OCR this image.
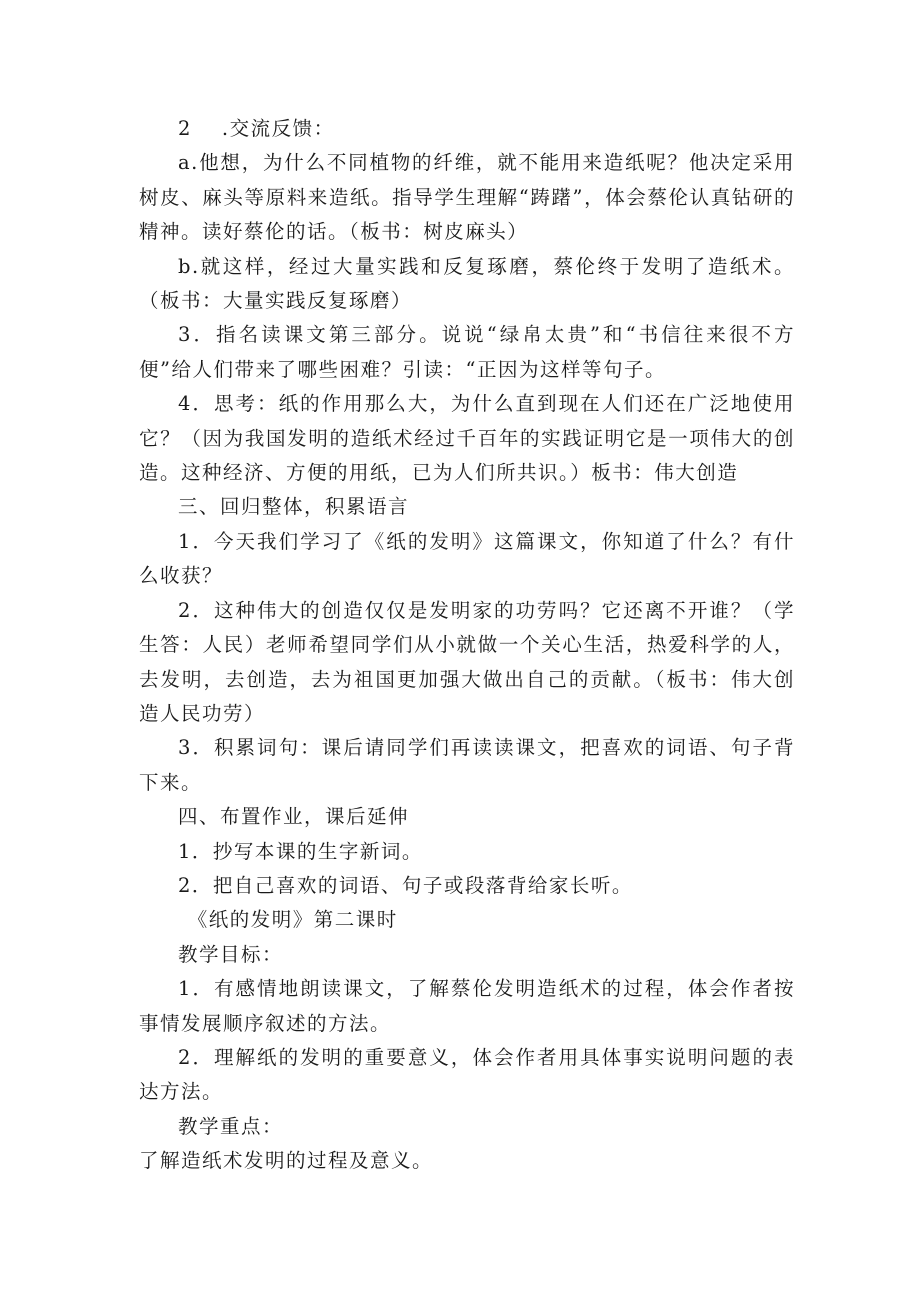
2 .交流反馈：

a.他想，为什么不同植物的纤维，就不能用来造纸呢？他决定采用树皮、麻头等原料来造纸。指导学生理解“踌躇”，体会蔡伦认真钻研的精神。读好蔡伦的话。（板书：树皮麻头）

b.就这样，经过大量实践和反复琢磨，蔡伦终于发明了造纸术。（板书：大量实践反复琢磨）

3．指名读课文第三部分。说说“绿帛太贵”和“书信往来很不方便”给人们带来了哪些困难？引读：“正因为这样等句子。

4．思考：纸的作用那么大，为什么直到现在人们还在广泛地使用它？（因为我国发明的造纸术经过千百年的实践证明它是一项伟大的创造。这种经济、方便的用纸，已为人们所共识。）板书：伟大创造

三、回归整体，积累语言

1．今天我们学习了《纸的发明》这篇课文，你知道了什么？有什么收获？

2．这种伟大的创造仅仅是发明家的功劳吗？它还离不开谁？（学生答：人民）老师希望同学们从小就做一个关心生活，热爱科学的人，去发明，去创造，去为祖国更加强大做出自己的贡献。（板书：伟大创造人民功劳）

3．积累词句：课后请同学们再读读课文，把喜欢的词语、句子背下来。

四、布置作业，课后延伸

1．抄写本课的生字新词。

2．把自己喜欢的词语、句子或段落背给家长听。

《纸的发明》第二课时

教学目标：

1．有感情地朗读课文，了解蔡伦发明造纸术的过程，体会作者按事情发展顺序叙述的方法。

2．理解纸的发明的重要意义，体会作者用具体事实说明问题的表达方法。

教学重点：

了解造纸术发明的过程及意义。
